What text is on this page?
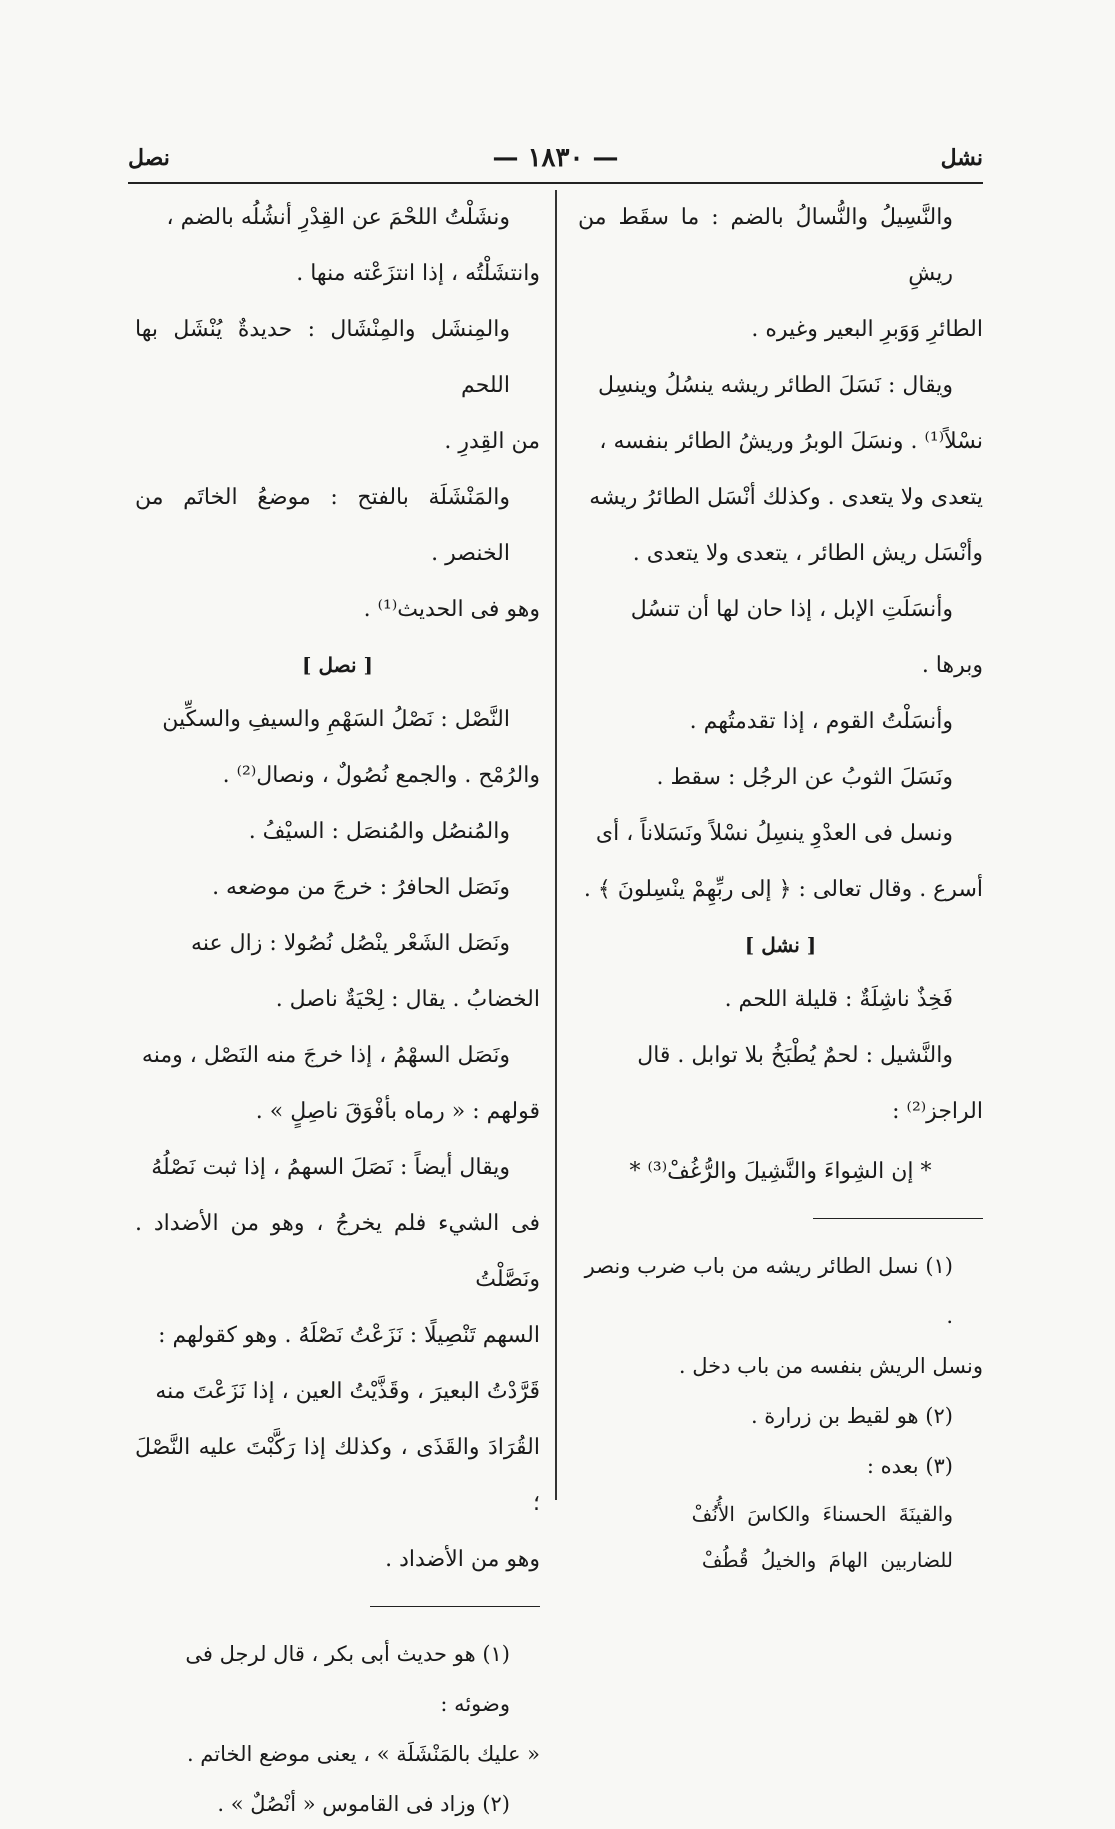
نشل
— ١٨٣٠ —
نصل

والنَّسِيلُ والنُّسالُ بالضم : ما سقَط من ريشِ

الطائرِ وَوَبرِ البعير وغيره .

ويقال : نَسَلَ الطائر ريشه ينسُلُ وينسِل

نسْلاً⁽¹⁾ . ونسَلَ الوبرُ وريشُ الطائر بنفسه ،

يتعدى ولا يتعدى . وكذلك أنْسَل الطائرُ ريشه

وأنْسَل ريش الطائر ، يتعدى ولا يتعدى .

وأنسَلَتِ الإبل ، إذا حان لها أن تنسُل

وبرها .

وأنسَلْتُ القوم ، إذا تقدمتُهم .

ونَسَلَ الثوبُ عن الرجُل : سقط .

ونسل فى العدْوِ ينسِلُ نسْلاً ونَسَلاناً ، أى

أسرع . وقال تعالى : ﴿ إلى ربِّهِمْ ينْسِلونَ ﴾ .

[ نشل ]

فَخِذٌ ناشِلَةٌ : قليلة اللحم .

والنَّشيل : لحمٌ يُطْبَخُ بلا توابل . قال

الراجز⁽²⁾ :

* إن الشِواءَ والنَّشِيلَ والرُّغُفْ⁽³⁾ *

(١) نسل الطائر ريشه من باب ضرب ونصر .

ونسل الريش بنفسه من باب دخل .

(٢) هو لقيط بن زرارة .

(٣) بعده :

والقينَةَ الحسناءَ والكاسَ الأُنُفْ
للضاربين الهامَ والخيلُ قُطُفْ

ونشَلْتُ اللحْمَ عن القِدْرِ أنشُلُه بالضم ،

وانتشَلْتُه ، إذا انتزَعْته منها .

والمِنشَل والمِنْشَال : حديدةٌ يُنْشَل بها اللحم

من القِدرِ .

والمَنْشَلَة بالفتح : موضعُ الخاتَم من الخنصر .

وهو فى الحديث⁽¹⁾ .

[ نصل ]

النَّصْل : نَصْلُ السَهْمِ والسيفِ والسكِّين

والرُمْح . والجمع نُصُولٌ ، ونصال⁽²⁾ .

والمُنصُل والمُنصَل : السيْفُ .

ونَصَل الحافرُ : خرجَ من موضعه .

ونَصَل الشَعْر ينْصُل نُصُولا : زال عنه

الخضابُ . يقال : لِحْيَةٌ ناصل .

ونَصَل السهْمُ ، إذا خرجَ منه النَصْل ، ومنه

قولهم : « رماه بأفْوَقَ ناصِلٍ » .

ويقال أيضاً : نَصَلَ السهمُ ، إذا ثبت نَصْلُهُ

فى الشيء فلم يخرجُ ، وهو من الأضداد . ونَصَّلْتُ

السهم تَنْصِيلًا : نَزَعْتُ نَصْلَهُ . وهو كقولهم :

قَرَّدْتُ البعيرَ ، وقَذَّيْتُ العين ، إذا نَزَعْتَ منه

القُرَادَ والقَذَى ، وكذلك إذا رَكَّبْتَ عليه النَّصْلَ ؛

وهو من الأضداد .

(١) هو حديث أبى بكر ، قال لرجل فى وضوئه :

« عليك بالمَنْشَلَة » ، يعنى موضع الخاتم .

(٢) وزاد فى القاموس « أنْصُلٌ » .
